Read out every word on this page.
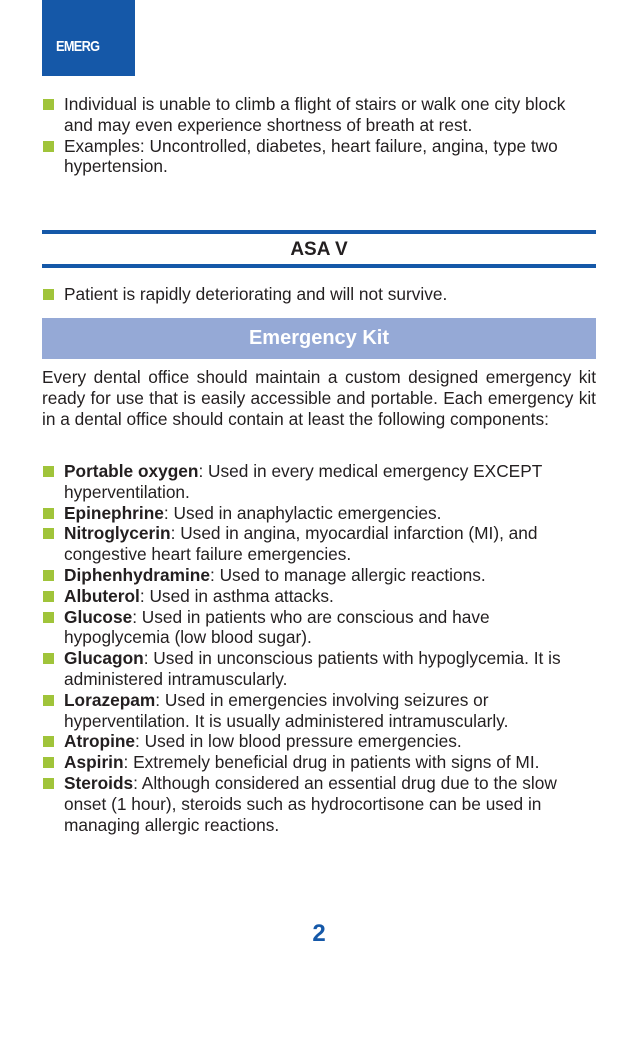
EMERG
Individual is unable to climb a flight of stairs or walk one city block and may even experience shortness of breath at rest.
Examples: Uncontrolled, diabetes, heart failure, angina, type two hypertension.
ASA V
Patient is rapidly deteriorating and will not survive.
Emergency Kit

Every dental office should maintain a custom designed emergency kit ready for use that is easily accessible and portable. Each emergency kit in a dental office should contain at least the following components:

Portable oxygen: Used in every medical emergency EXCEPT hyperventilation.
Epinephrine: Used in anaphylactic emergencies.
Nitroglycerin: Used in angina, myocardial infarction (MI), and congestive heart failure emergencies.
Diphenhydramine: Used to manage allergic reactions.
Albuterol: Used in asthma attacks.
Glucose: Used in patients who are conscious and have hypoglycemia (low blood sugar).
Glucagon: Used in unconscious patients with hypoglycemia. It is administered intramuscularly.
Lorazepam: Used in emergencies involving seizures or hyperventilation. It is usually administered intramuscularly.
Atropine: Used in low blood pressure emergencies.
Aspirin: Extremely beneficial drug in patients with signs of MI.
Steroids: Although considered an essential drug due to the slow onset (1 hour), steroids such as hydrocortisone can be used in managing allergic reactions.
2
